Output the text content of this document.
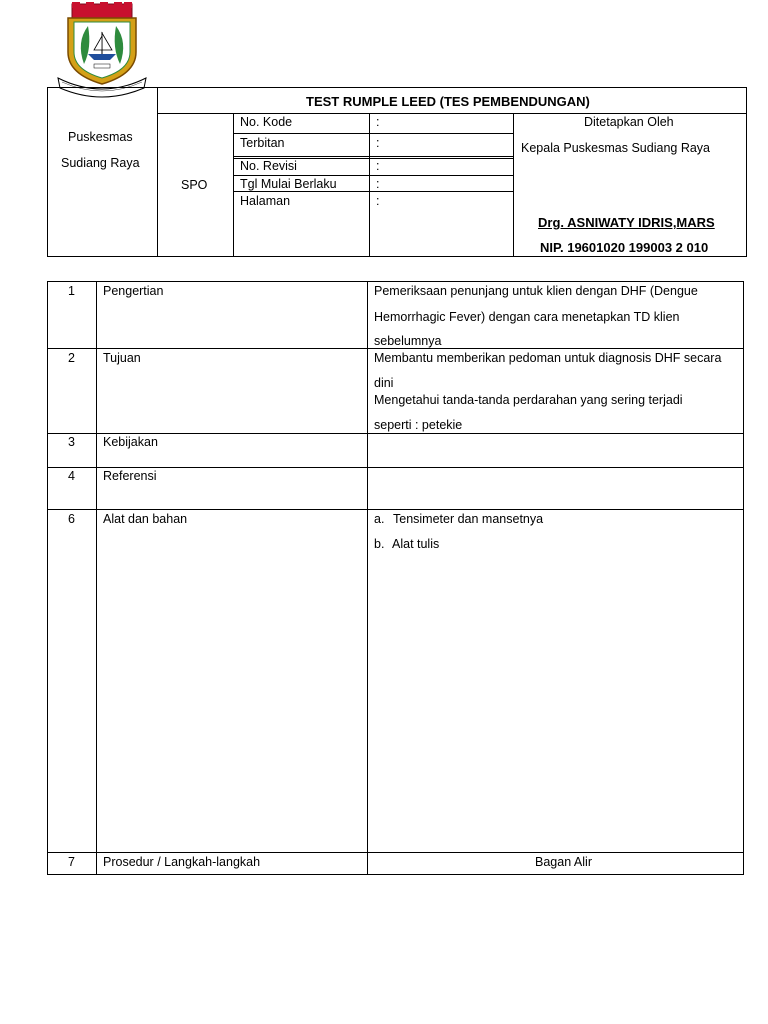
Puskesmas
Sudiang Raya
TEST RUMPLE LEED (TES PEMBENDUNGAN)
SPO
No. Kode	:
Terbitan	:
No. Revisi	:
Tgl Mulai Berlaku	:
Halaman	:
Ditetapkan Oleh
Kepala Puskesmas Sudiang Raya
Drg. ASNIWATY IDRIS,MARS
NIP. 19601020 199003 2 010
1 Pengertian	Pemeriksaan penunjang untuk klien dengan DHF (Dengue
Hemorrhagic Fever) dengan cara menetapkan TD klien
sebelumnya
2 Tujuan	Membantu memberikan pedoman untuk diagnosis DHF secara
dini
Mengetahui tanda-tanda perdarahan yang sering terjadi
seperti : petekie
3 Kebijakan
4 Referensi
6 Alat dan bahan	a. Tensimeter dan mansetnya
b. Alat tulis
7 Prosedur / Langkah-langkah	Bagan Alir
